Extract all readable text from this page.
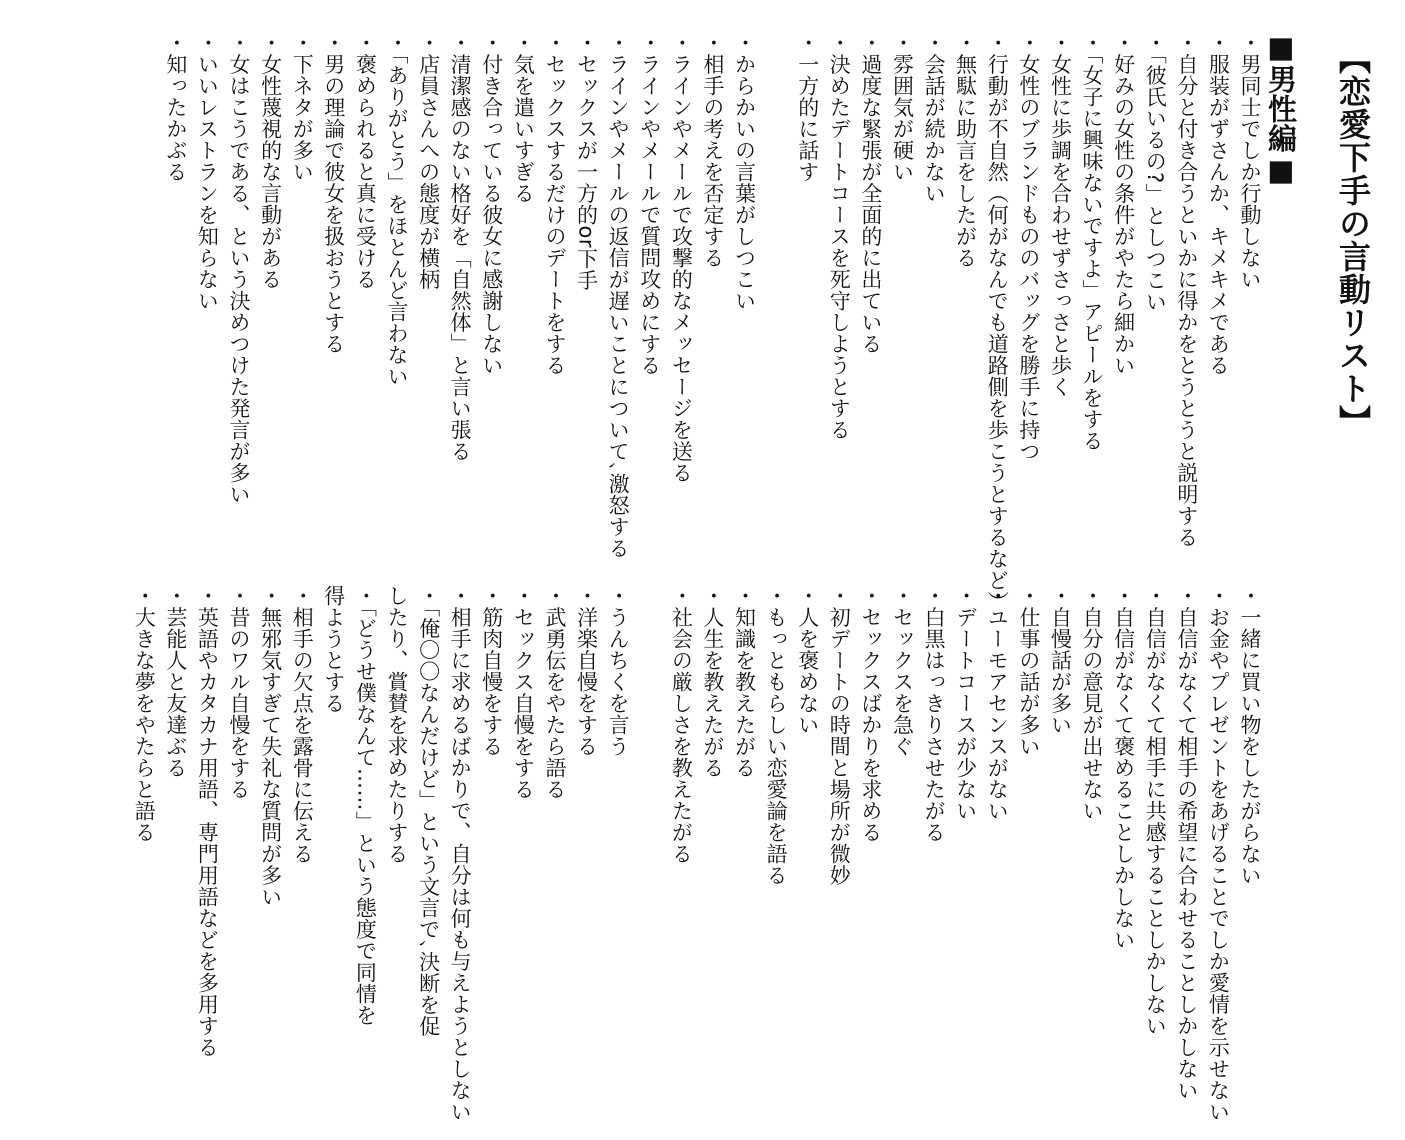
【恋愛下手の言動リスト】
■男性編■
・男同士でしか行動しない
・服装がずさんか、キメキメである
・自分と付き合うといかに得かをとうとうと説明する
・「彼氏いるの?」としつこい
・好みの女性の条件がやたら細かい
・「女子に興味ないですよ」アピールをする
・女性に歩調を合わせずさっさと歩く
・女性のブランドもののバッグを勝手に持つ
・行動が不自然（何がなんでも道路側を歩こうとするなど）
・無駄に助言をしたがる
・会話が続かない
・雰囲気が硬い
・過度な緊張が全面的に出ている
・決めたデートコースを死守しようとする
・一方的に話す
・からかいの言葉がしつこい
・相手の考えを否定する
・ラインやメールで攻撃的なメッセージを送る
・ラインやメールで質問攻めにする
・ラインやメールの返信が遅いことについて､激怒する
・セックスが一方的or下手
・セックスするだけのデートをする
・気を遣いすぎる
・付き合っている彼女に感謝しない
・清潔感のない格好を「自然体」と言い張る
・店員さんへの態度が横柄
・「ありがとう」をほとんど言わない
・褒められると真に受ける
・男の理論で彼女を扱おうとする
・下ネタが多い
・女性蔑視的な言動がある
・女はこうである、という決めつけた発言が多い
・いいレストランを知らない
・知ったかぶる
・一緒に買い物をしたがらない
・お金やプレゼントをあげることでしか愛情を示せない
・自信がなくて相手の希望に合わせることしかしない
・自信がなくて相手に共感することしかしない
・自信がなくて褒めることしかしない
・自分の意見が出せない
・自慢話が多い
・仕事の話が多い
・ユーモアセンスがない
・デートコースが少ない
・白黒はっきりさせたがる
・セックスを急ぐ
・セックスばかりを求める
・初デートの時間と場所が微妙
・人を褒めない
・もっともらしい恋愛論を語る
・知識を教えたがる
・人生を教えたがる
・社会の厳しさを教えたがる
・うんちくを言う
・洋楽自慢をする
・武勇伝をやたら語る
・セックス自慢をする
・筋肉自慢をする
・相手に求めるばかりで、自分は何も与えようとしない
・「俺〇〇なんだけど」という文言で､決断を促したり、賞賛を求めたりする
・「どうせ僕なんて……」という態度で同情を得ようとする
・相手の欠点を露骨に伝える
・無邪気すぎて失礼な質問が多い
・昔のワル自慢をする
・英語やカタカナ用語、専門用語などを多用する
・芸能人と友達ぶる
・大きな夢をやたらと語る
